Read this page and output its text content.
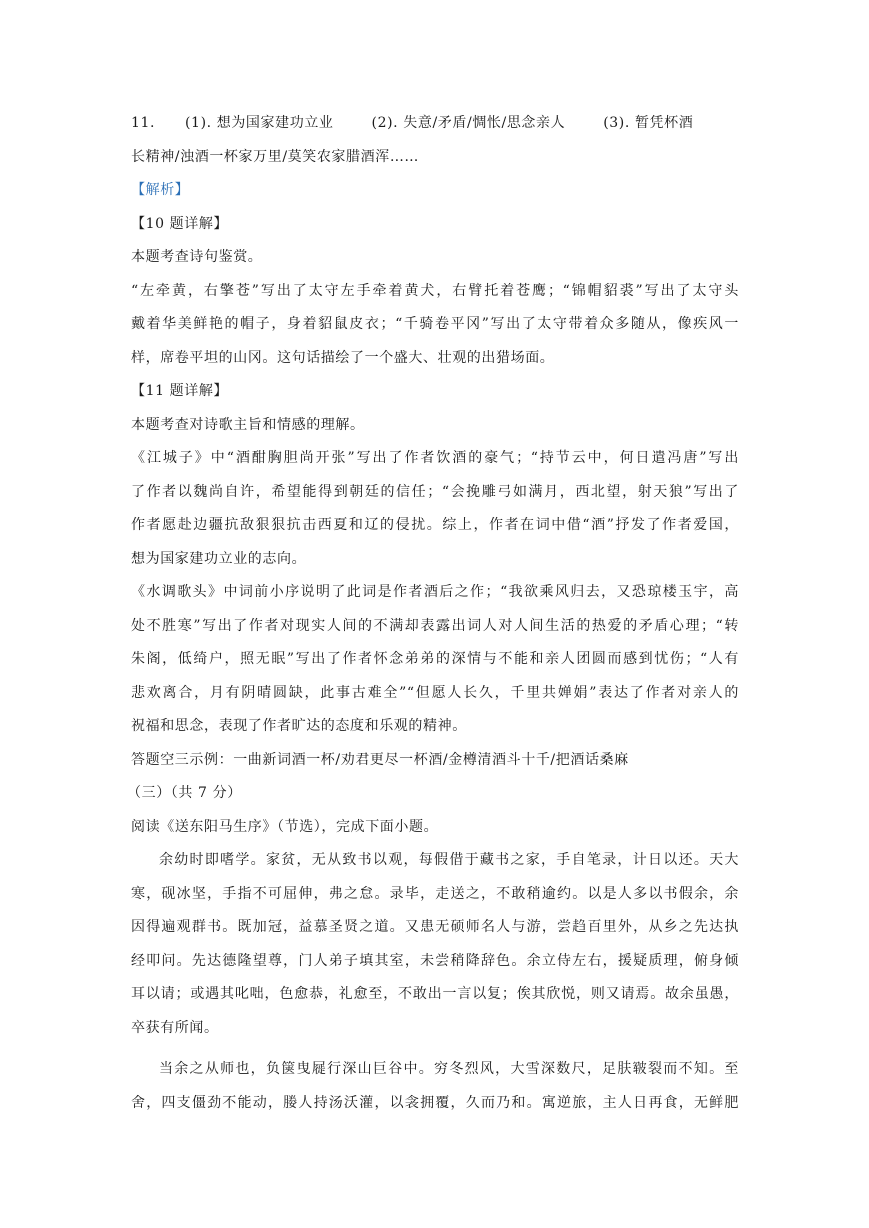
11. (1). 想为国家建功立业	(2). 失意/矛盾/惆怅/思念亲人	(3). 暂凭杯酒

长精神/浊酒一杯家万里/莫笑农家腊酒浑……

【解析】

【10 题详解】

本题考查诗句鉴赏。

“左牵黄，右擎苍”写出了太守左手牵着黄犬，右臂托着苍鹰；“锦帽貂裘”写出了太守头

戴着华美鲜艳的帽子，身着貂鼠皮衣；“千骑卷平冈”写出了太守带着众多随从，像疾风一

样，席卷平坦的山冈。这句话描绘了一个盛大、壮观的出猎场面。

【11 题详解】

本题考查对诗歌主旨和情感的理解。

《江城子》中“酒酣胸胆尚开张”写出了作者饮酒的豪气；“持节云中，何日遣冯唐”写出

了作者以魏尚自许，希望能得到朝廷的信任；“会挽雕弓如满月，西北望，射天狼”写出了

作者愿赴边疆抗敌狠狠抗击西夏和辽的侵扰。综上，作者在词中借“酒”抒发了作者爱国，

想为国家建功立业的志向。

《水调歌头》中词前小序说明了此词是作者酒后之作；“我欲乘风归去，又恐琼楼玉宇，高

处不胜寒”写出了作者对现实人间的不满却表露出词人对人间生活的热爱的矛盾心理；“转

朱阁，低绮户，照无眠”写出了作者怀念弟弟的深情与不能和亲人团圆而感到忧伤；“人有

悲欢离合，月有阴晴圆缺，此事古难全”“但愿人长久，千里共婵娟”表达了作者对亲人的

祝福和思念，表现了作者旷达的态度和乐观的精神。

答题空三示例：一曲新词酒一杯/劝君更尽一杯酒/金樽清酒斗十千/把酒话桑麻

（三）（共 7 分）

阅读《送东阳马生序》（节选），完成下面小题。

余幼时即嗜学。家贫，无从致书以观，每假借于藏书之家，手自笔录，计日以还。天大

寒，砚冰坚，手指不可屈伸，弗之怠。录毕，走送之，不敢稍逾约。以是人多以书假余，余

因得遍观群书。既加冠，益慕圣贤之道。又患无硕师名人与游，尝趋百里外，从乡之先达执

经叩问。先达德隆望尊，门人弟子填其室，未尝稍降辞色。余立侍左右，援疑质理，俯身倾

耳以请；或遇其叱咄，色愈恭，礼愈至，不敢出一言以复；俟其欣悦，则又请焉。故余虽愚，

卒获有所闻。

当余之从师也，负箧曳屣行深山巨谷中。穷冬烈风，大雪深数尺，足肤皲裂而不知。至

舍，四支僵劲不能动，媵人持汤沃灌，以衾拥覆，久而乃和。寓逆旅，主人日再食，无鲜肥
